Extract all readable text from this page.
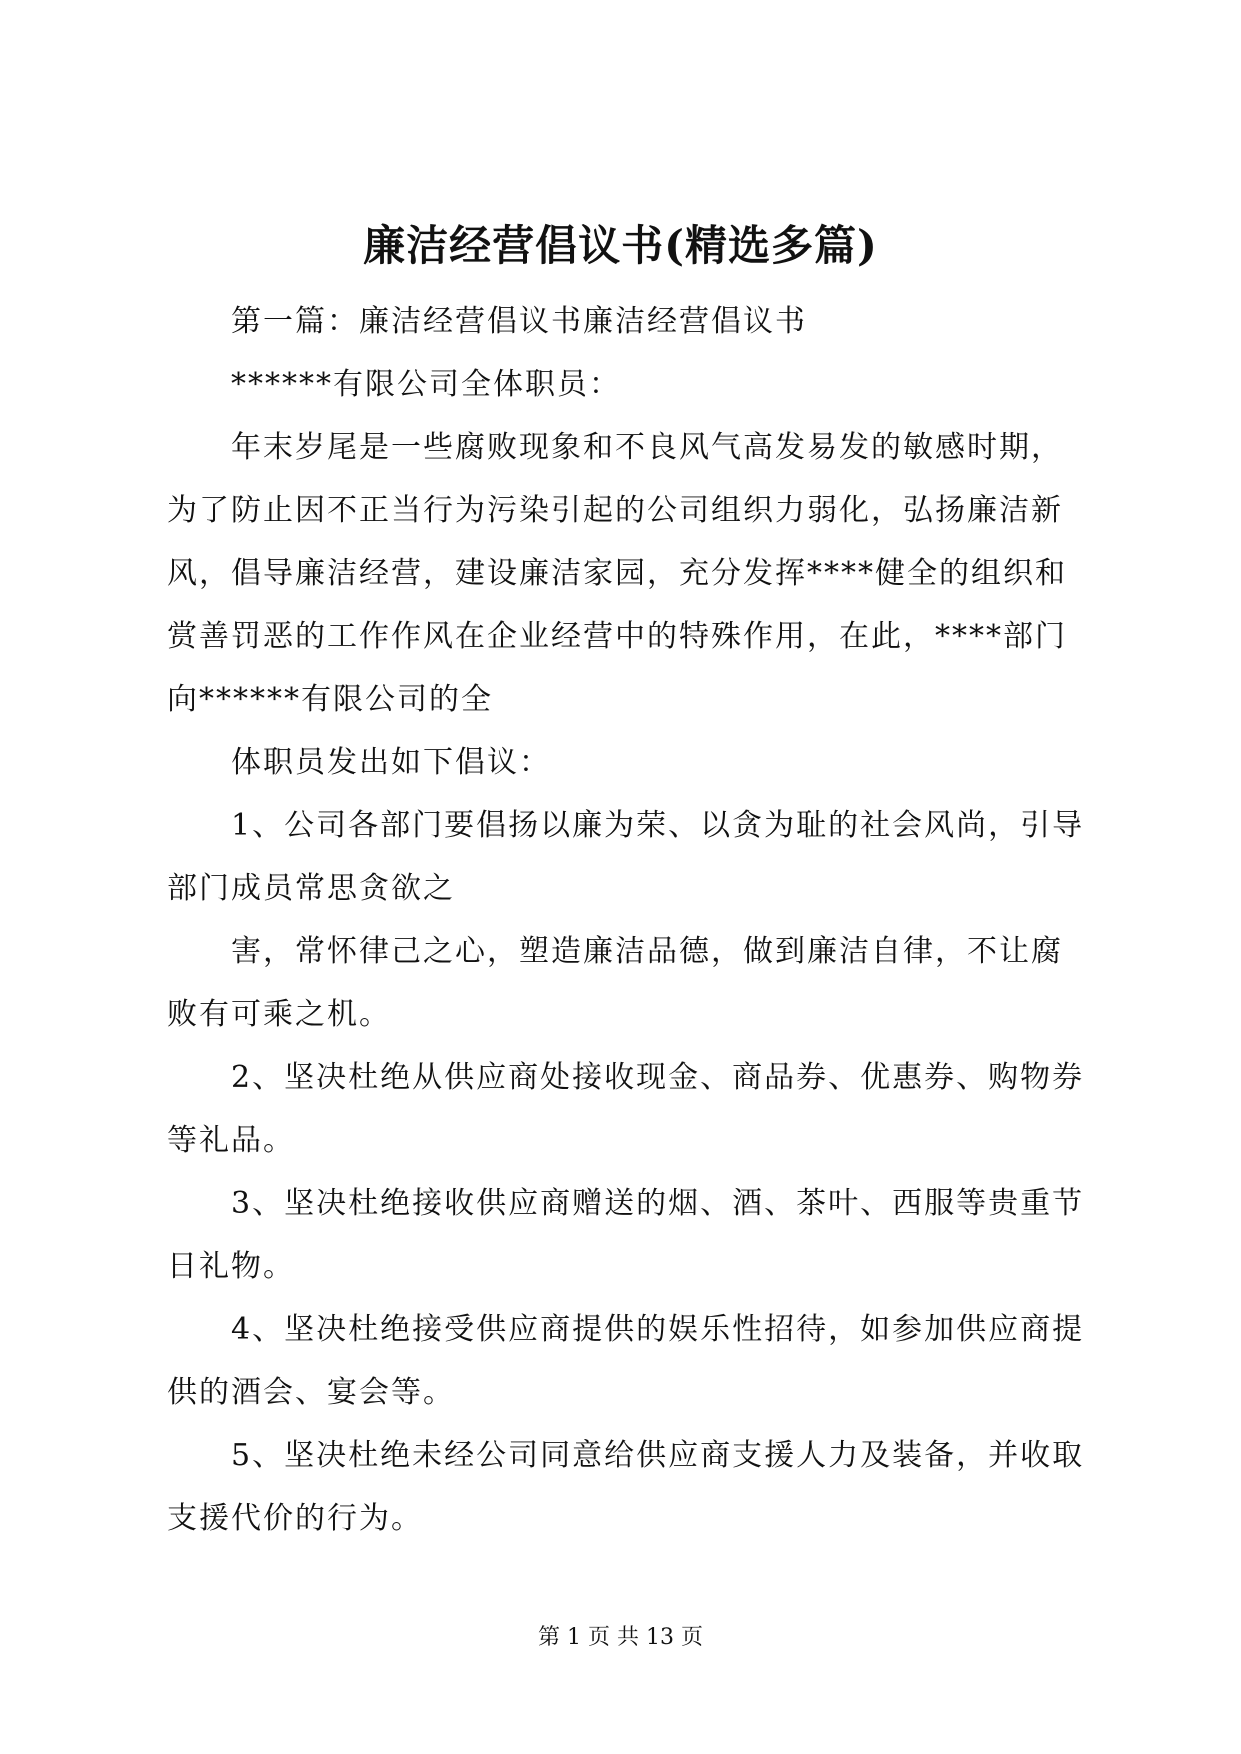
廉洁经营倡议书(精选多篇)

第一篇：廉洁经营倡议书廉洁经营倡议书

******有限公司全体职员：

年末岁尾是一些腐败现象和不良风气高发易发的敏感时期，为了防止因不正当行为污染引起的公司组织力弱化，弘扬廉洁新风，倡导廉洁经营，建设廉洁家园，充分发挥****健全的组织和赏善罚恶的工作作风在企业经营中的特殊作用，在此，****部门向******有限公司的全

体职员发出如下倡议：

1、公司各部门要倡扬以廉为荣、以贪为耻的社会风尚，引导部门成员常思贪欲之

害，常怀律己之心，塑造廉洁品德，做到廉洁自律，不让腐败有可乘之机。

2、坚决杜绝从供应商处接收现金、商品券、优惠券、购物券等礼品。

3、坚决杜绝接收供应商赠送的烟、酒、茶叶、西服等贵重节日礼物。

4、坚决杜绝接受供应商提供的娱乐性招待，如参加供应商提供的酒会、宴会等。

5、坚决杜绝未经公司同意给供应商支援人力及装备，并收取支援代价的行为。

第 1 页 共 13 页
